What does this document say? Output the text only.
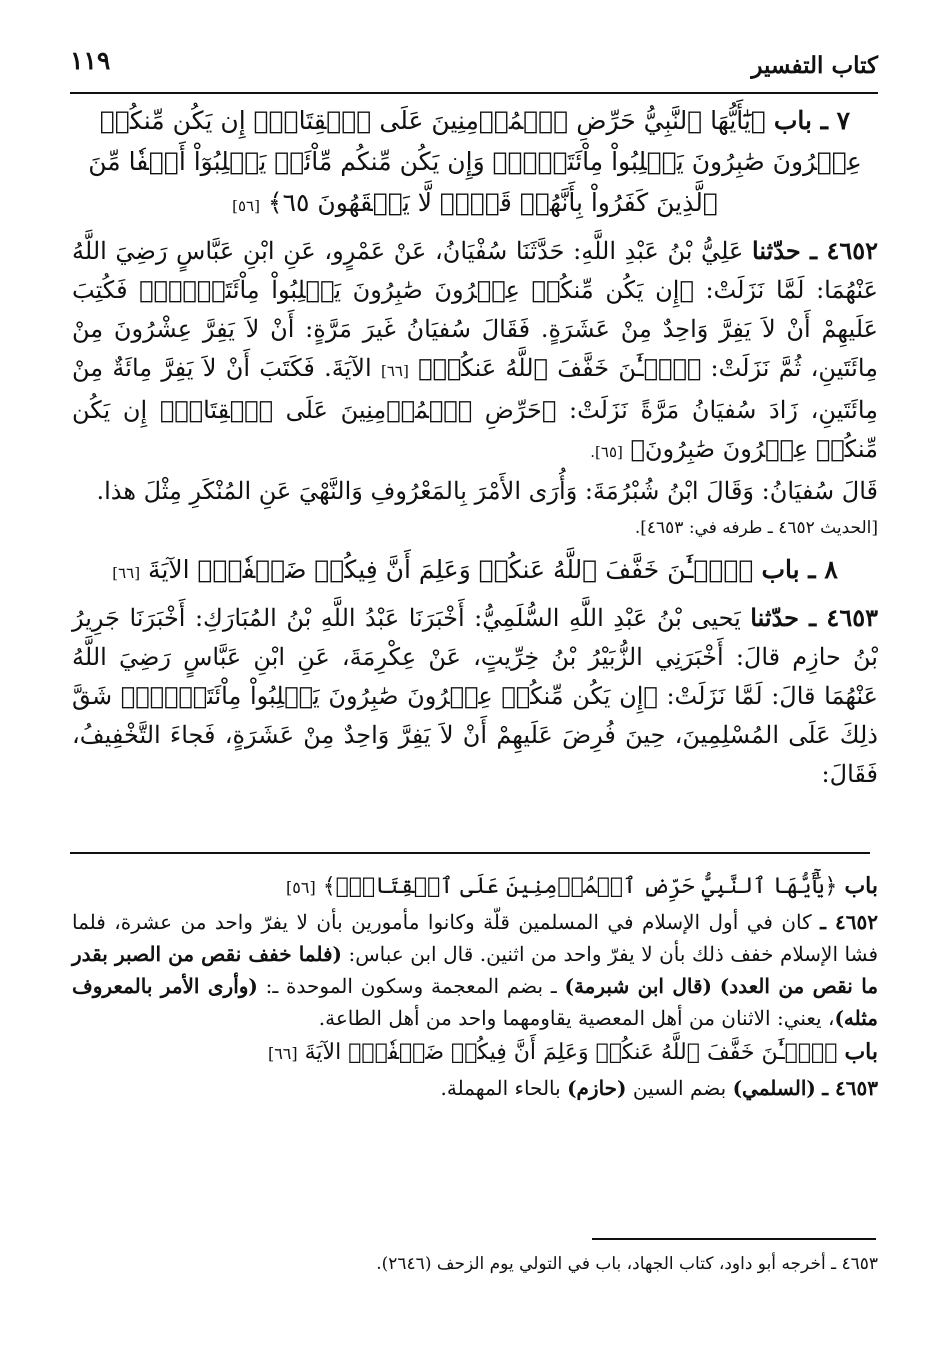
كتاب التفسير
١١٩

٧ ـ باب ﴿يَٰٓأَيُّهَا ٱلنَّبِيُّ حَرِّضِ ٱلۡمُؤۡمِنِينَ عَلَى ٱلۡقِتَالِۚ إِن يَكُن مِّنكُمۡ عِشۡرُونَ صَٰبِرُونَ يَغۡلِبُواْ مِاْئَتَيۡنِۚ وَإِن يَكُن مِّنكُم مِّاْئَةٞ يَغۡلِبُوٓاْ أَلۡفٗا مِّنَ ٱلَّذِينَ كَفَرُواْ بِأَنَّهُمۡ قَوۡمٞ لَّا يَفۡقَهُونَ ٦٥﴾ [٥٦]

٤٦٥٢ ـ حدّثنا عَلِيُّ بْنُ عَبْدِ اللَّهِ: حَدَّثَنَا سُفْيَانُ، عَنْ عَمْرٍو، عَنِ ابْنِ عَبَّاسٍ رَضِيَ اللَّهُ عَنْهُمَا: لَمَّا نَزَلَتْ: ﴿إِن يَكُن مِّنكُمۡ عِشۡرُونَ صَٰبِرُونَ يَغۡلِبُواْ مِاْئَتَيۡنِۚ﴾ فَكُتِبَ عَلَيهِمْ أَنْ لاَ يَفِرَّ وَاحِدٌ مِنْ عَشَرَةٍ. فَقَالَ سُفيَانُ غَيرَ مَرَّةٍ: أَنْ لاَ يَفِرَّ عِشْرُونَ مِنْ مِائَتَينِ، ثُمَّ نَزَلَتْ: ﴿ٱلۡـَٰٔنَ خَفَّفَ ٱللَّهُ عَنكُمۡ﴾ [٦٦] الآيَةَ. فَكَتَبَ أَنْ لاَ يَفِرَّ مِائَةٌ مِنْ مِائَتَينِ، زَادَ سُفيَانُ مَرَّةً نَزَلَتْ: ﴿حَرِّضِ ٱلۡمُؤۡمِنِينَ عَلَى ٱلۡقِتَالِۚ إِن يَكُن مِّنكُمۡ عِشۡرُونَ صَٰبِرُونَ﴾ [٦٥].

قَالَ سُفيَانُ: وَقَالَ ابْنُ شُبْرُمَةَ: وَأُرَى الأَمْرَ بِالمَعْرُوفِ وَالنَّهْيَ عَنِ المُنْكَرِ مِثْلَ هذا.

[الحديث ٤٦٥٢ ـ طرفه في: ٤٦٥٣].

٨ ـ باب ﴿ٱلۡـَٰٔنَ خَفَّفَ ٱللَّهُ عَنكُمۡ وَعَلِمَ أَنَّ فِيكُمۡ ضَعۡفٗاۚ﴾ الآيَةَ [٦٦]

٤٦٥٣ ـ حدّثنا يَحيى بْنُ عَبْدِ اللَّهِ السُّلَمِيُّ: أَخْبَرَنَا عَبْدُ اللَّهِ بْنُ المُبَارَكِ: أَخْبَرَنَا جَرِيرُ بْنُ حازِم قالَ: أَخْبَرَنِي الزُّبَيْرُ بْنُ خِرِّيتٍ، عَنْ عِكْرِمَةَ، عَنِ ابْنِ عَبَّاسٍ رَضِيَ اللَّهُ عَنْهُمَا قالَ: لَمَّا نَزَلَتْ: ﴿إِن يَكُن مِّنكُمۡ عِشۡرُونَ صَٰبِرُونَ يَغۡلِبُواْ مِاْئَتَيۡنِۚ﴾ شَقَّ ذلِكَ عَلَى المُسْلِمِينَ، حِينَ فُرِضَ عَلَيهِمْ أَنْ لاَ يَفِرَّ وَاحِدٌ مِنْ عَشَرَةٍ، فَجاءَ التَّخْفِيفُ، فَقَالَ:

باب ﴿يَٰٓأَيُّهَا ٱلنَّبِيُّ حَرِّضِ ٱلۡمُؤۡمِنِينَ عَلَى ٱلۡقِتَالِۚ﴾ [٥٦]

٤٦٥٢ ـ كان في أول الإسلام في المسلمين قلّة وكانوا مأمورين بأن لا يفرّ واحد من عشرة، فلما فشا الإسلام خفف ذلك بأن لا يفرّ واحد من اثنين. قال ابن عباس: (فلما خفف نقص من الصبر بقدر ما نقص من العدد) (قال ابن شبرمة) ـ بضم المعجمة وسكون الموحدة ـ: (وأرى الأمر بالمعروف مثله)، يعني: الاثنان من أهل المعصية يقاومهما واحد من أهل الطاعة.

باب ﴿ٱلۡـَٰٔنَ خَفَّفَ ٱللَّهُ عَنكُمۡ وَعَلِمَ أَنَّ فِيكُمۡ ضَعۡفٗاۚ﴾ الآيَةَ [٦٦]

٤٦٥٣ ـ (السلمي) بضم السين (حازم) بالحاء المهملة.

٤٦٥٣ ـ أخرجه أبو داود، كتاب الجهاد، باب في التولي يوم الزحف (٢٦٤٦).
